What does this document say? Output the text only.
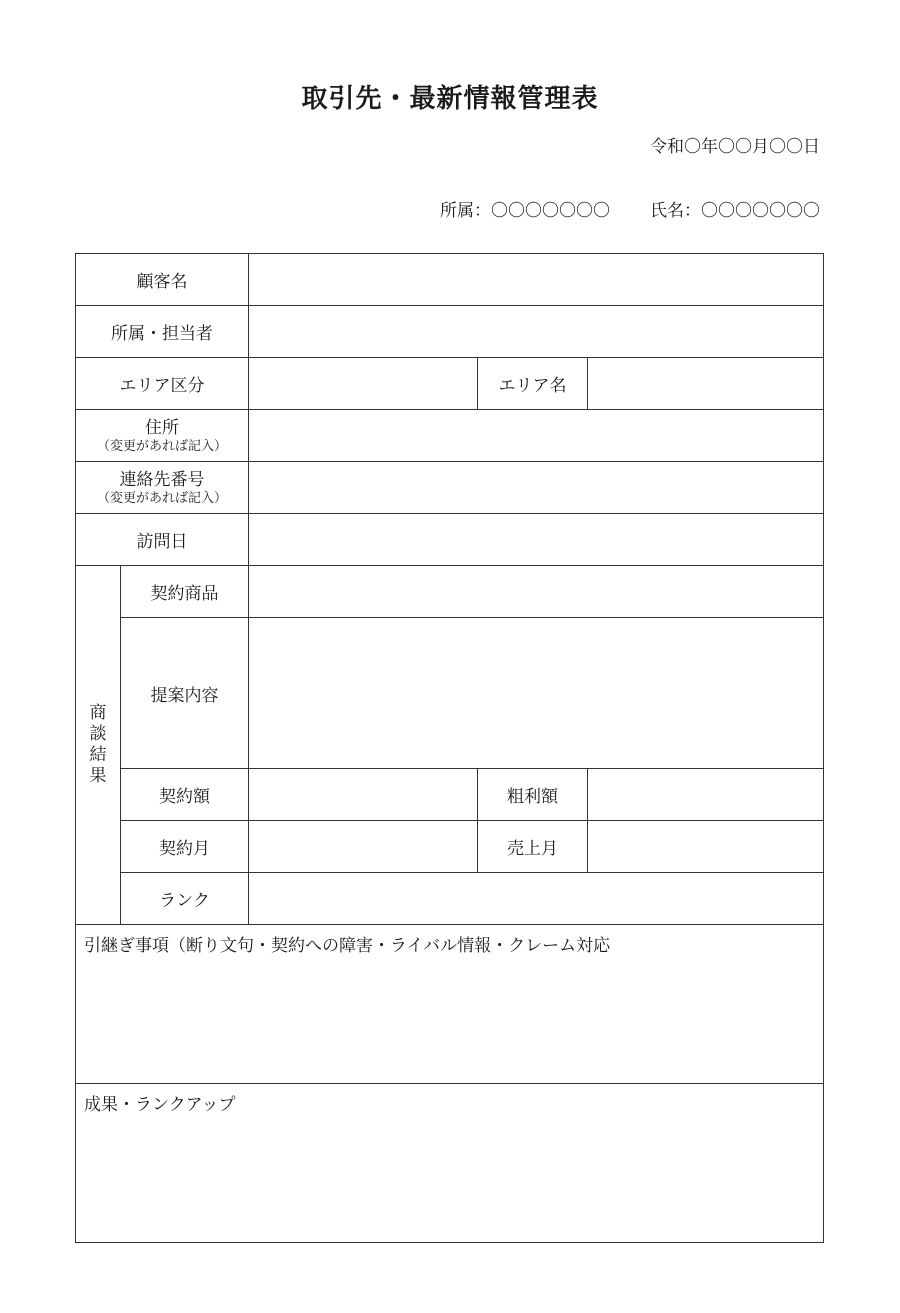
取引先・最新情報管理表
令和〇年〇〇月〇〇日
所属：〇〇〇〇〇〇〇 氏名：〇〇〇〇〇〇〇
顧客名				
所属・担当者				
エリア区分			エリア名	

住所
（変更があれば記入）				

連絡先番号
（変更があれば記入）				

訪問日				

商
談
結
果	契約商品			
	提案内容			
	契約額		粗利額	
	契約月		売上月	
	ランク			

引継ぎ事項（断り文句・契約への障害・ライバル情報・クレーム対応				
成果・ランクアップ				
